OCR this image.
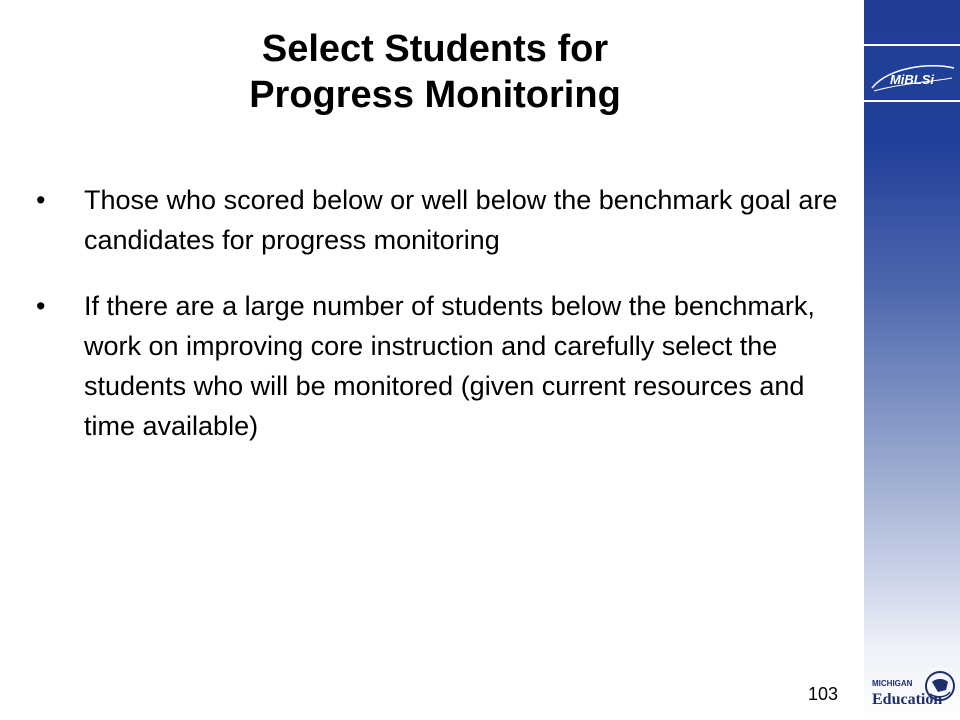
MiBLSi
Select Students for
Progress Monitoring
• Those who scored below or well below the benchmark goal are candidates for progress monitoring
• If there are a large number of students below the benchmark, work on improving core instruction and carefully select the students who will be monitored (given current resources and time available)
103
MICHIGAN
Education
